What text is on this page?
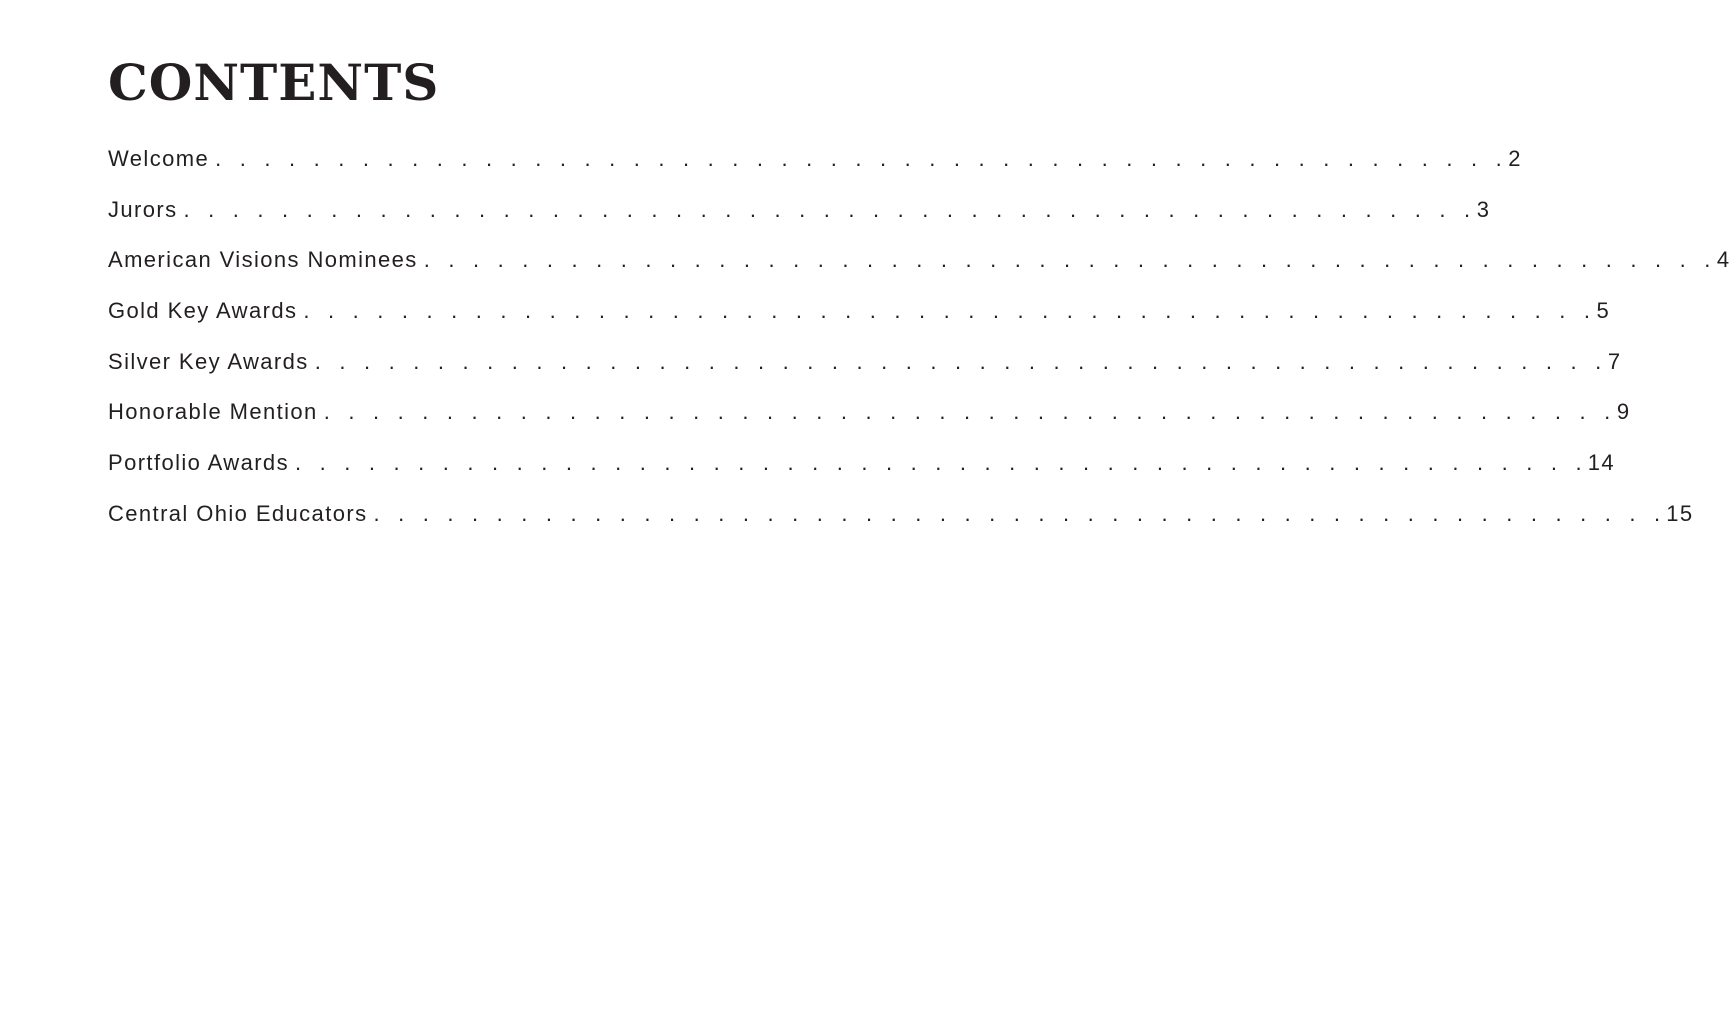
CONTENTS
Welcome . . . . . . . . . . . . . . . . . . . . . . . . . . . . . . . . . . . . . . . . . . . . . . . . . . . . . 2
Jurors . . . . . . . . . . . . . . . . . . . . . . . . . . . . . . . . . . . . . . . . . . . . . . . . . . . . . 3
American Visions Nominees . . . . . . . . . . . . . . . . . . . . . . . . . . . . . . . . . . . . . . . . . . . . . . . . . . . . . 4
Gold Key Awards . . . . . . . . . . . . . . . . . . . . . . . . . . . . . . . . . . . . . . . . . . . . . . . . . . . . . 5
Silver Key Awards . . . . . . . . . . . . . . . . . . . . . . . . . . . . . . . . . . . . . . . . . . . . . . . . . . . . . 7
Honorable Mention . . . . . . . . . . . . . . . . . . . . . . . . . . . . . . . . . . . . . . . . . . . . . . . . . . . . . 9
Portfolio Awards . . . . . . . . . . . . . . . . . . . . . . . . . . . . . . . . . . . . . . . . . . . . . . . . . . . . . 14
Central Ohio Educators . . . . . . . . . . . . . . . . . . . . . . . . . . . . . . . . . . . . . . . . . . . . . . . . . . . . . 15
